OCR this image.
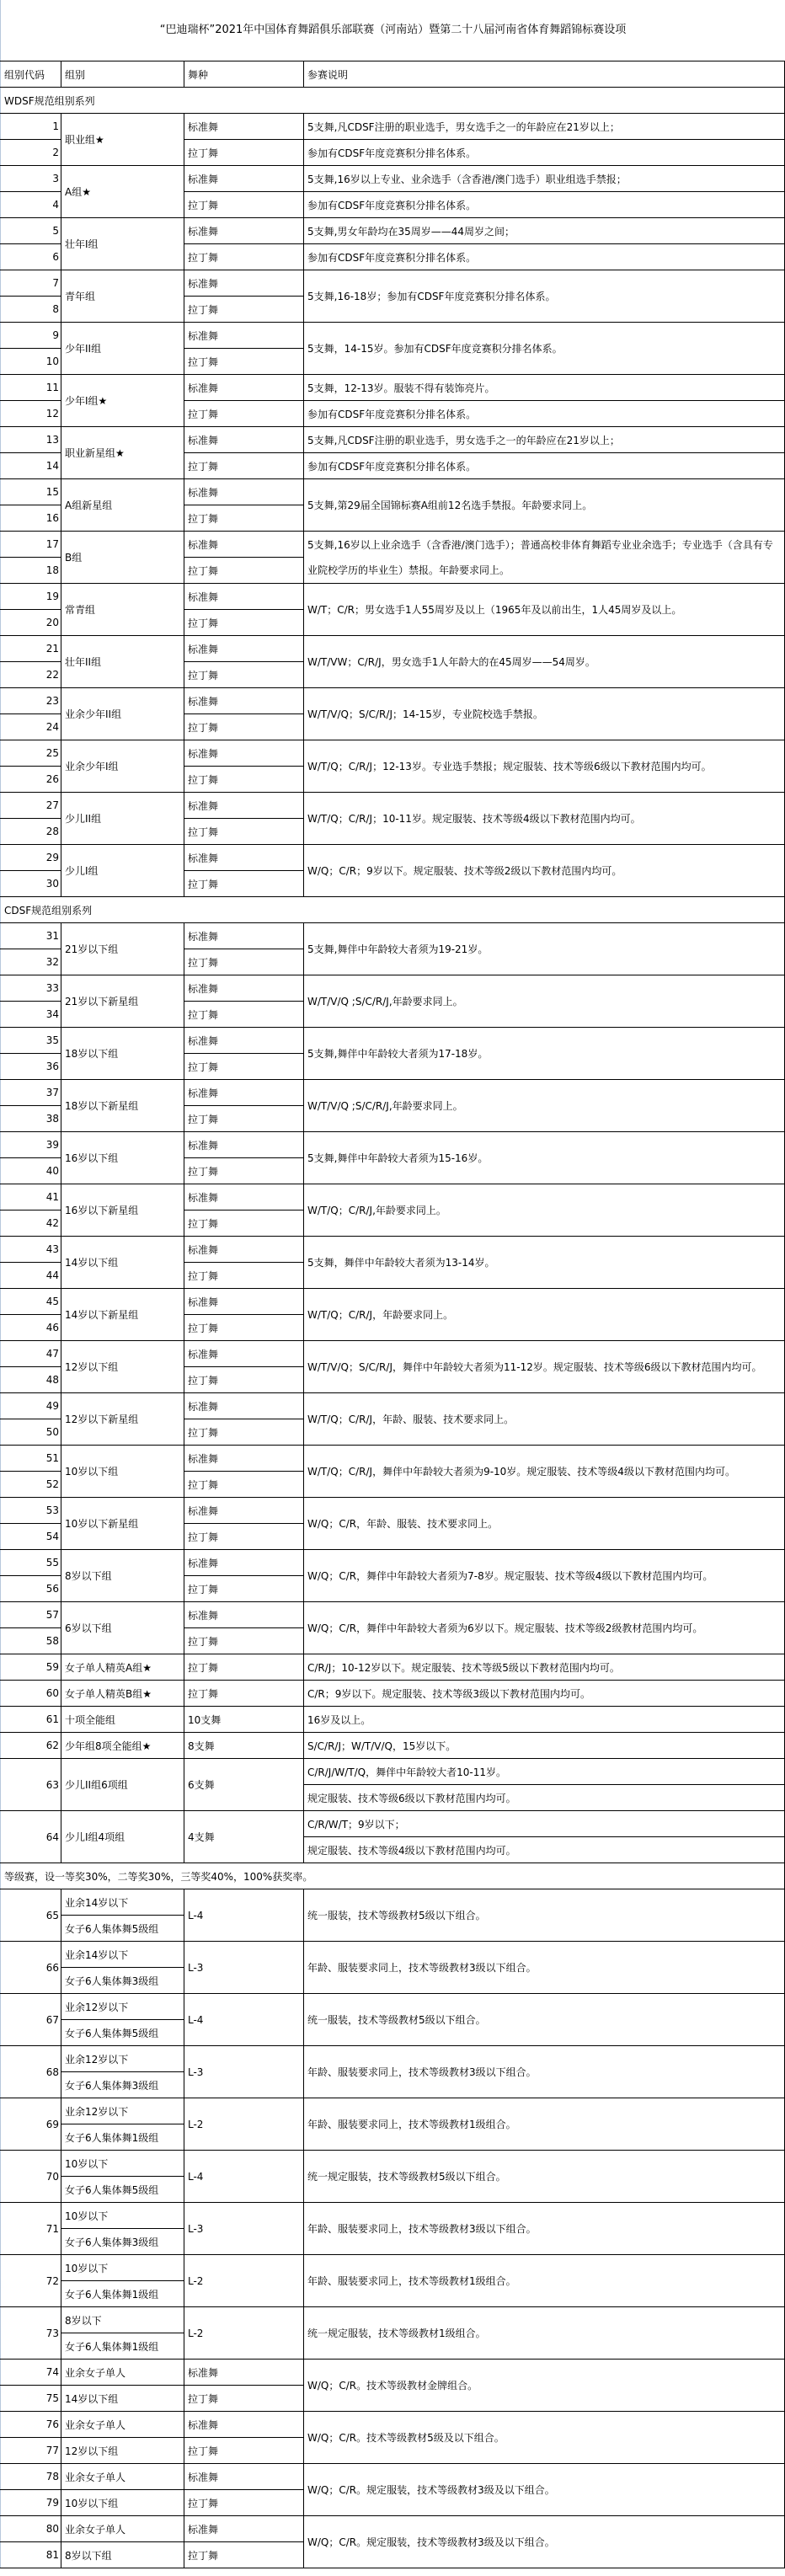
“巴迪瑞杯”2021年中国体育舞蹈俱乐部联赛（河南站）暨第二十八届河南省体育舞蹈锦标赛设项
组别代码	组别	舞种	参赛说明
WDSF规范组别系列			
1	职业组★	标准舞	5支舞,凡CDSF注册的职业选手，男女选手之一的年龄应在21岁以上；
2		拉丁舞	参加有CDSF年度竞赛积分排名体系。
3	A组★	标准舞	5支舞,16岁以上专业、业余选手（含香港/澳门选手）职业组选手禁报；
4		拉丁舞	参加有CDSF年度竞赛积分排名体系。
5	壮年I组	标准舞	5支舞,男女年龄均在35周岁——44周岁之间；
6		拉丁舞	参加有CDSF年度竞赛积分排名体系。
7	青年组	标准舞	5支舞,16-18岁；参加有CDSF年度竞赛积分排名体系。
8		拉丁舞	
9	少年II组	标准舞	5支舞，14-15岁。参加有CDSF年度竞赛积分排名体系。
10		拉丁舞	
11	少年I组★	标准舞	5支舞，12-13岁。服装不得有装饰亮片。
12		拉丁舞	参加有CDSF年度竞赛积分排名体系。
13	职业新星组★	标准舞	5支舞,凡CDSF注册的职业选手，男女选手之一的年龄应在21岁以上；
14		拉丁舞	参加有CDSF年度竞赛积分排名体系。
15	A组新星组	标准舞	5支舞,第29届全国锦标赛A组前12名选手禁报。年龄要求同上。
16		拉丁舞	
17	B组	标准舞	5支舞,16岁以上业余选手（含香港/澳门选手）；普通高校非体育舞蹈专业业余选手；专业选手（含具有专业院校学历的毕业生）禁报。年龄要求同上。
18		拉丁舞	
19	常青组	标准舞	W/T；C/R；男女选手1人55周岁及以上（1965年及以前出生，1人45周岁及以上。
20		拉丁舞	
21	壮年II组	标准舞	W/T/VW；C/R/J，男女选手1人年龄大的在45周岁——54周岁。
22		拉丁舞	
23	业余少年II组	标准舞	W/T/V/Q；S/C/R/J；14-15岁，专业院校选手禁报。
24		拉丁舞	
25	业余少年I组	标准舞	W/T/Q；C/R/J；12-13岁。专业选手禁报；规定服装、技术等级6级以下教材范围内均可。
26		拉丁舞	
27	少儿II组	标准舞	W/T/Q；C/R/J；10-11岁。规定服装、技术等级4级以下教材范围内均可。
28		拉丁舞	
29	少儿I组	标准舞	W/Q；C/R；9岁以下。规定服装、技术等级2级以下教材范围内均可。
30		拉丁舞	
CDSF规范组别系列			
31	21岁以下组	标准舞	5支舞,舞伴中年龄较大者须为19-21岁。
32		拉丁舞	
33	21岁以下新星组	标准舞	W/T/V/Q ;S/C/R/J,年龄要求同上。
34		拉丁舞	
35	18岁以下组	标准舞	5支舞,舞伴中年龄较大者须为17-18岁。
36		拉丁舞	
37	18岁以下新星组	标准舞	W/T/V/Q ;S/C/R/J,年龄要求同上。
38		拉丁舞	
39	16岁以下组	标准舞	5支舞,舞伴中年龄较大者须为15-16岁。
40		拉丁舞	
41	16岁以下新星组	标准舞	W/T/Q；C/R/J,年龄要求同上。
42		拉丁舞	
43	14岁以下组	标准舞	5支舞，舞伴中年龄较大者须为13-14岁。
44		拉丁舞	
45	14岁以下新星组	标准舞	W/T/Q；C/R/J，年龄要求同上。
46		拉丁舞	
47	12岁以下组	标准舞	W/T/V/Q；S/C/R/J，舞伴中年龄较大者须为11-12岁。规定服装、技术等级6级以下教材范围内均可。
48		拉丁舞	
49	12岁以下新星组	标准舞	W/T/Q；C/R/J，年龄、服装、技术要求同上。
50		拉丁舞	
51	10岁以下组	标准舞	W/T/Q；C/R/J，舞伴中年龄较大者须为9-10岁。规定服装、技术等级4级以下教材范围内均可。
52		拉丁舞	
53	10岁以下新星组	标准舞	W/Q；C/R，年龄、服装、技术要求同上。
54		拉丁舞	
55	8岁以下组	标准舞	W/Q；C/R，舞伴中年龄较大者须为7-8岁。规定服装、技术等级4级以下教材范围内均可。
56		拉丁舞	
57	6岁以下组	标准舞	W/Q；C/R，舞伴中年龄较大者须为6岁以下。规定服装、技术等级2级教材范围内均可。
58		拉丁舞	
59	女子单人精英A组★	拉丁舞	C/R/J；10-12岁以下。规定服装、技术等级5级以下教材范围内均可。
60	女子单人精英B组★	拉丁舞	C/R；9岁以下。规定服装、技术等级3级以下教材范围内均可。
61	十项全能组	10支舞	16岁及以上。
62	少年组8项全能组★	8支舞	S/C/R/J；W/T/V/Q，15岁以下。
63	少儿II组6项组	6支舞	C/R/J/W/T/Q，舞伴中年龄较大者10-11岁。
			规定服装、技术等级6级以下教材范围内均可。
64	少儿I组4项组	4支舞	C/R/W/T；9岁以下；
			规定服装、技术等级4级以下教材范围内均可。
等级赛，设一等奖30%，二等奖30%，三等奖40%，100%获奖率。			
65	业余14岁以下	L-4	统一服装，技术等级教材5级以下组合。
	女子6人集体舞5级组		
66	业余14岁以下	L-3	年龄、服装要求同上，技术等级教材3级以下组合。
	女子6人集体舞3级组		
67	业余12岁以下	L-4	统一服装，技术等级教材5级以下组合。
	女子6人集体舞5级组		
68	业余12岁以下	L-3	年龄、服装要求同上，技术等级教材3级以下组合。
	女子6人集体舞3级组		
69	业余12岁以下	L-2	年龄、服装要求同上，技术等级教材1级组合。
	女子6人集体舞1级组		
70	10岁以下	L-4	统一规定服装，技术等级教材5级以下组合。
	女子6人集体舞5级组		
71	10岁以下	L-3	年龄、服装要求同上，技术等级教材3级以下组合。
	女子6人集体舞3级组		
72	10岁以下	L-2	年龄、服装要求同上，技术等级教材1级组合。
	女子6人集体舞1级组		
73	8岁以下	L-2	统一规定服装，技术等级教材1级组合。
	女子6人集体舞1级组		
74	业余女子单人	标准舞	W/Q；C/R。技术等级教材金牌组合。
75	14岁以下组	拉丁舞	
76	业余女子单人	标准舞	W/Q；C/R。技术等级教材5级及以下组合。
77	12岁以下组	拉丁舞	
78	业余女子单人	标准舞	W/Q；C/R。规定服装，技术等级教材3级及以下组合。
79	10岁以下组	拉丁舞	
80	业余女子单人	标准舞	W/Q；C/R。规定服装，技术等级教材3级及以下组合。
81	8岁以下组	拉丁舞	
